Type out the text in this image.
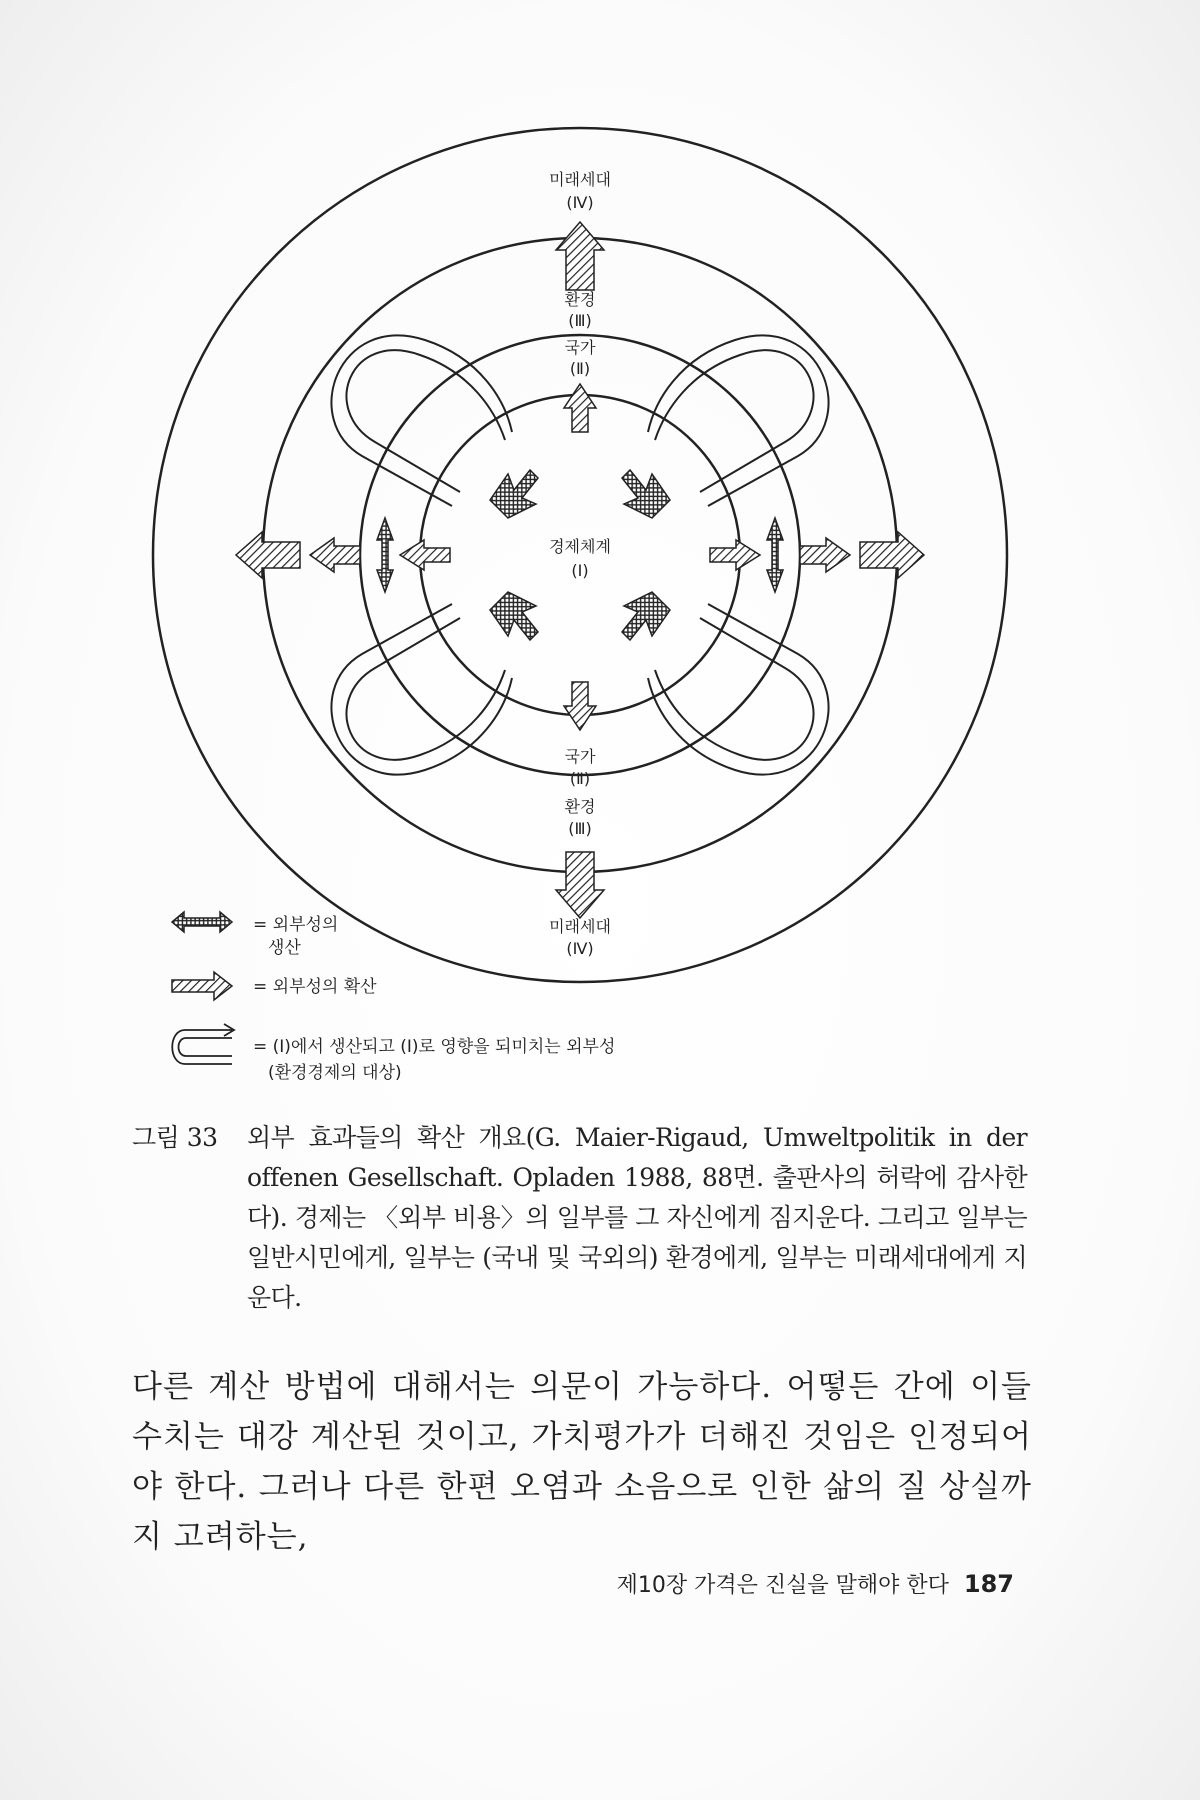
미래세대
(Ⅳ)
환경
(Ⅲ)
국가
(Ⅱ)
경제체계
(Ⅰ)
국가
(Ⅱ)
환경
(Ⅲ)
미래세대
(Ⅳ)
= 외부성의
생산
= 외부성의 확산
= (Ⅰ)에서 생산되고 (Ⅰ)로 영향을 되미치는 외부성
(환경경제의 대상)
그림 33 외부 효과들의 확산 개요(G. Maier-Rigaud, Umweltpolitik in der offenen Gesellschaft. Opladen 1988, 88면. 출판사의 허락에 감사한다). 경제는 〈외부 비용〉의 일부를 그 자신에게 짐지운다. 그리고 일부는 일반시민에게, 일부는 (국내 및 국외의) 환경에게, 일부는 미래세대에게 지운다.
다른 계산 방법에 대해서는 의문이 가능하다. 어떻든 간에 이들 수치는 대강 계산된 것이고, 가치평가가 더해진 것임은 인정되어야 한다. 그러나 다른 한편 오염과 소음으로 인한 삶의 질 상실까지 고려하는,
제10장 가격은 진실을 말해야 한다 187
